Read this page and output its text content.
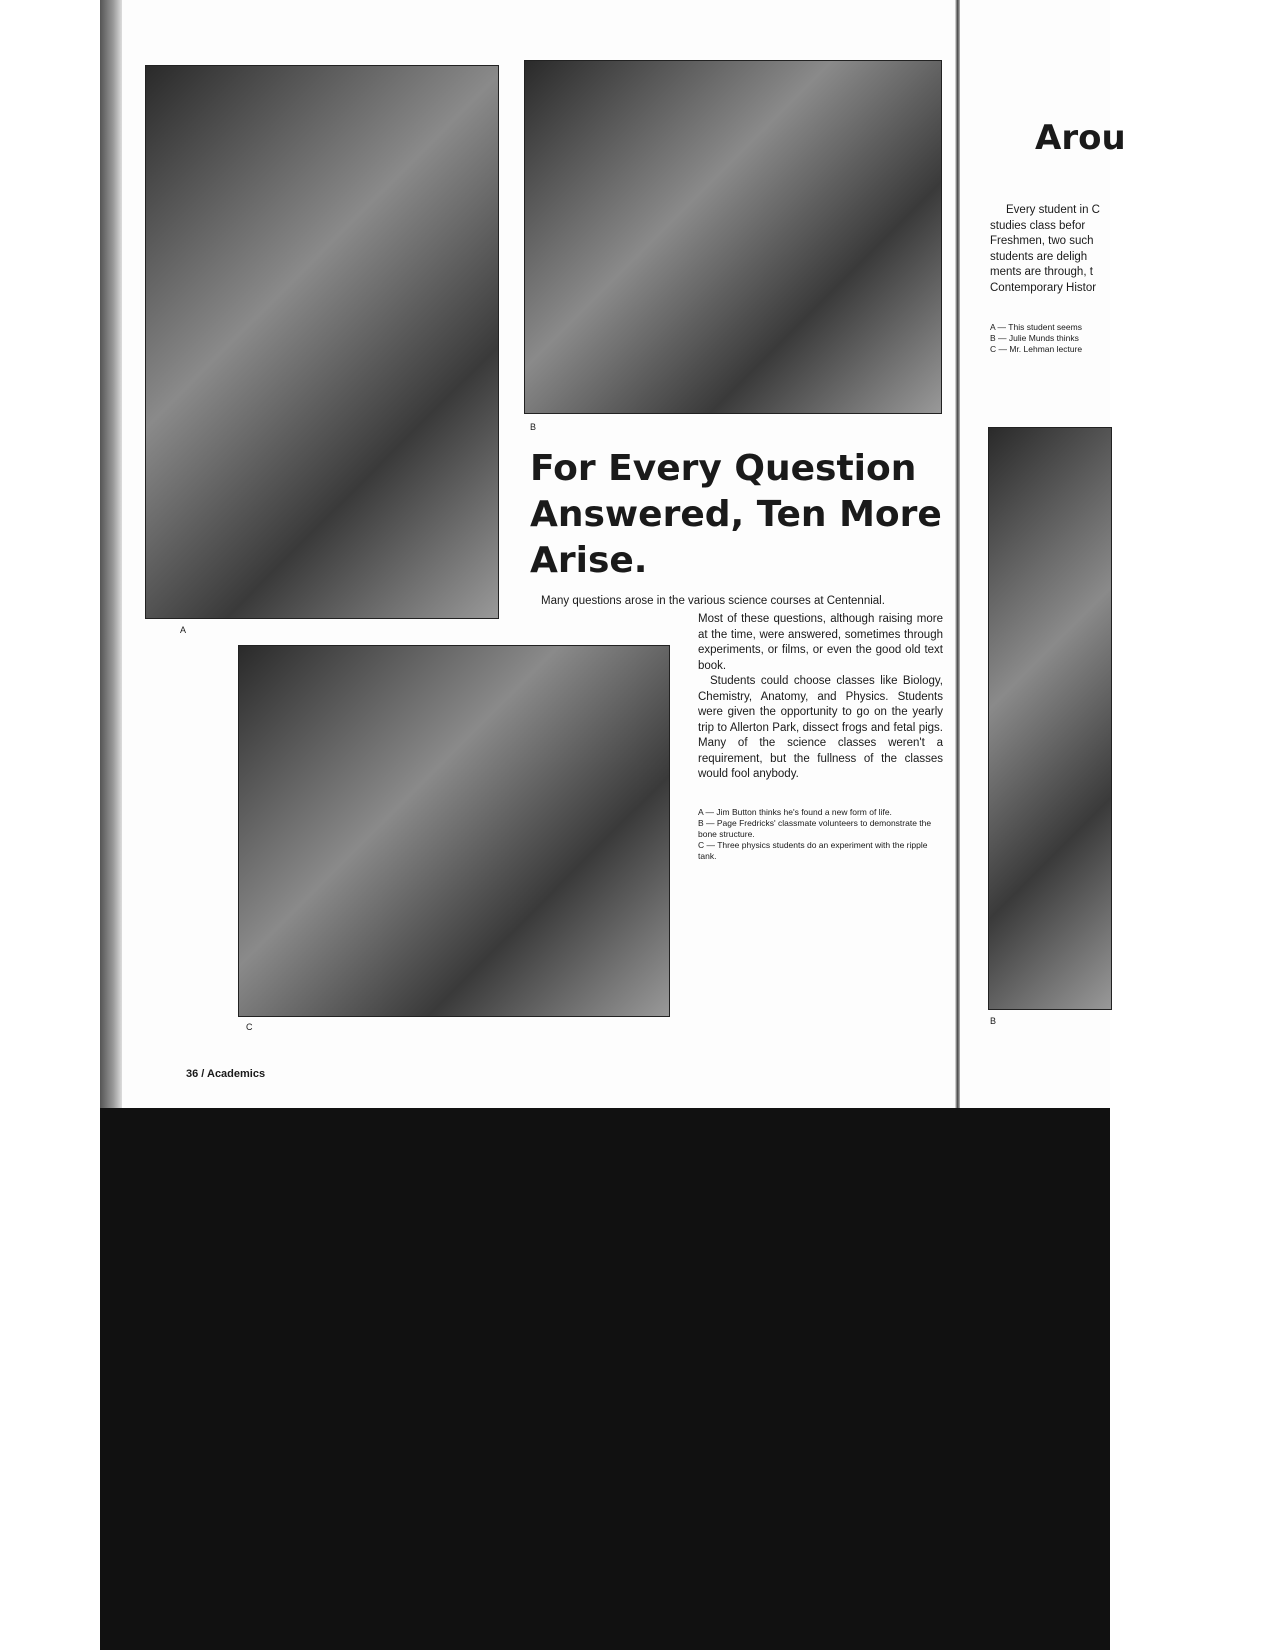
A
B
C
For Every Question
Answered, Ten More
Arise.
Many questions arose in the various science courses at Centennial.
Most of these questions, although raising more at the time, were answered, sometimes through experiments, or films, or even the good old text book.
Students could choose classes like Biology, Chemistry, Anatomy, and Physics. Students were given the opportunity to go on the yearly trip to Allerton Park, dissect frogs and fetal pigs. Many of the science classes weren't a requirement, but the fullness of the classes would fool anybody.
A — Jim Button thinks he's found a new form of life.
B — Page Fredricks' classmate volunteers to demonstrate the bone structure.
C — Three physics students do an experiment with the ripple tank.
36 / Academics
Arou
Every student in C
studies class befor
Freshmen, two such
students are deligh
ments are through, t
Contemporary Histor
A — This student seems
B — Julie Munds thinks
C — Mr. Lehman lecture
B
